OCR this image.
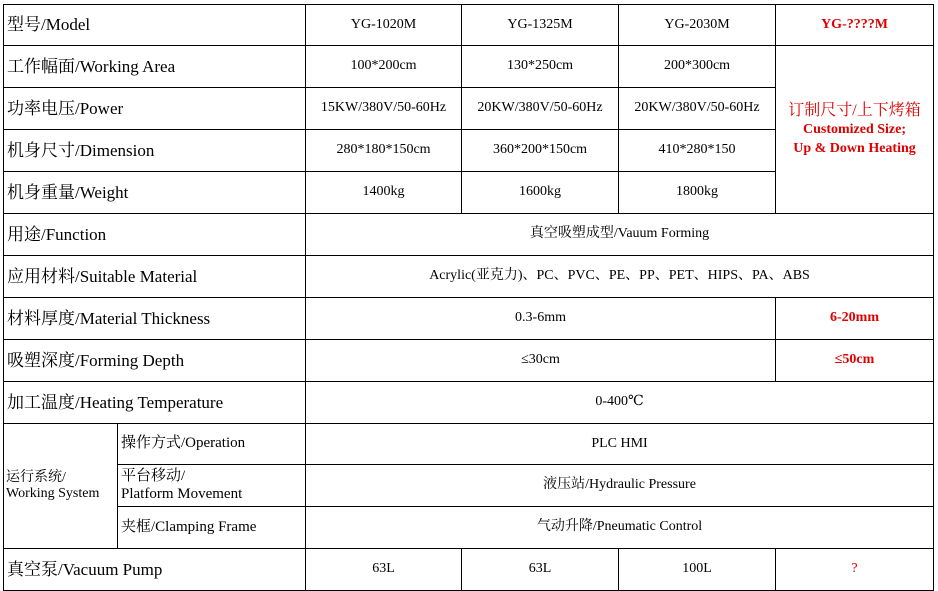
型号/Model		YG-1020M	YG-1325M	YG-2030M	YG-????M
工作幅面/Working Area		100*200cm	130*250cm	200*300cm	订制尺寸/上下烤箱
Customized Size;
Up & Down Heating

功率电压/Power		15KW/380V/50-60Hz	20KW/380V/50-60Hz	20KW/380V/50-60Hz	
机身尺寸/Dimension		280*180*150cm	360*200*150cm	410*280*150	
机身重量/Weight		1400kg	1600kg	1800kg	
用途/Function		真空吸塑成型/Vauum Forming			
应用材料/Suitable Material		Acrylic(亚克力)、PC、PVC、PE、PP、PET、HIPS、PA、ABS			
材料厚度/Material Thickness		0.3-6mm			6-20mm
吸塑深度/Forming Depth		≤30cm			≤50cm
加工温度/Heating Temperature		0-400℃			
运行系统/
Working System	操作方式/Operation	PLC HMI			
	平台移动/
Platform Movement	液压站/Hydraulic Pressure			
	夹框/Clamping Frame	气动升降/Pneumatic Control			
真空泵/Vacuum Pump		63L	63L	100L	?
